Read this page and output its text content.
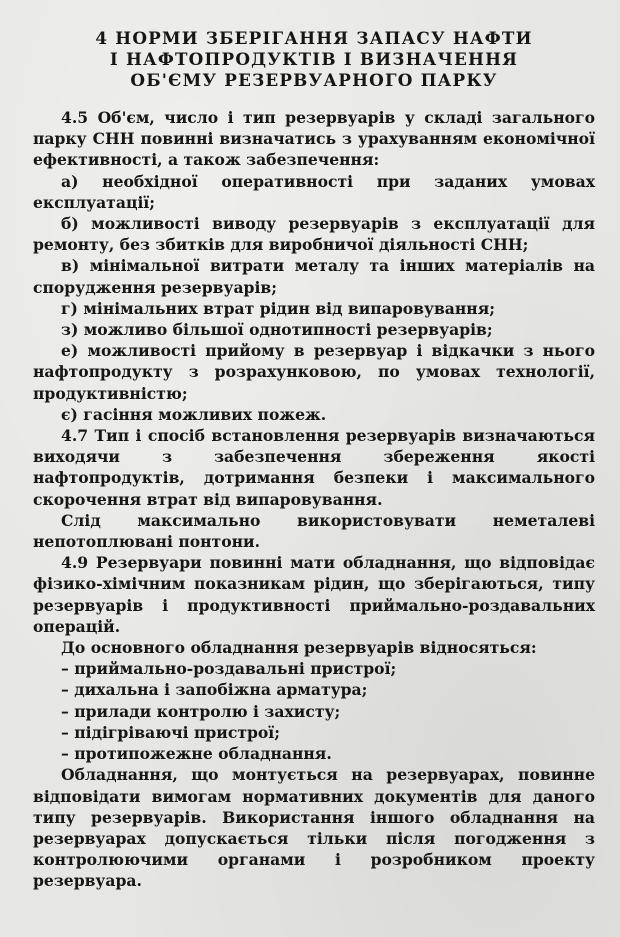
4 НОРМИ ЗБЕРІГАННЯ ЗАПАСУ НАФТИ
І НАФТОПРОДУКТІВ І ВИЗНАЧЕННЯ
ОБ'ЄМУ РЕЗЕРВУАРНОГО ПАРКУ

4.5 Об'єм, число і тип резервуарів у складі загального парку СНН повинні визначатись з урахуванням економічної ефективності, а також забезпечення:

а) необхідної оперативності при заданих умовах експлуатації;

б) можливості виводу резервуарів з експлуатації для ремонту, без збитків для виробничої діяльності СНН;

в) мінімальної витрати металу та інших матеріалів на спорудження резервуарів;

г) мінімальних втрат рідин від випаровування;

з) можливо більшої однотипності резервуарів;

е) можливості прийому в резервуар і відкачки з нього нафтопродукту з розрахунковою, по умовах технології, продуктивністю;

є) гасіння можливих пожеж.

4.7 Тип і спосіб встановлення резервуарів визначаються виходячи з забезпечення збереження якості нафтопродуктів, дотримання безпеки і максимального скорочення втрат від випаровування.

Слід максимально використовувати неметалеві непотоплювані понтони.

4.9 Резервуари повинні мати обладнання, що відповідає фізико-хімічним показникам рідин, що зберігаються, типу резервуарів і продуктивності приймально-роздавальних операцій.

До основного обладнання резервуарів відносяться:

– приймально-роздавальні пристрої;

– дихальна і запобіжна арматура;

– прилади контролю і захисту;

– підігріваючі пристрої;

– протипожежне обладнання.

Обладнання, що монтується на резервуарах, повинне відповідати вимогам нормативних документів для даного типу резервуарів. Використання іншого обладнання на резервуарах допускається тільки після погодження з контролюючими органами і розробником проекту резервуара.
